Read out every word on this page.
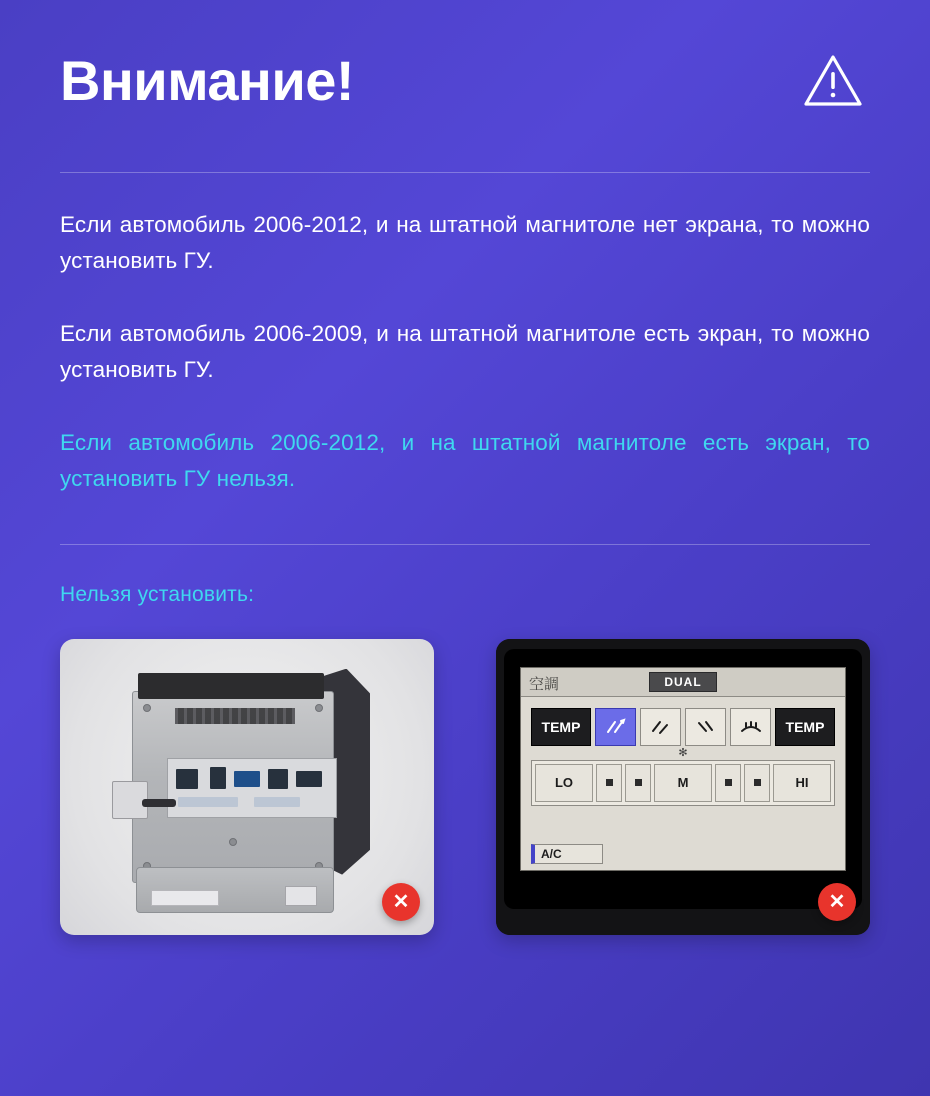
Внимание!

Если автомобиль 2006-2012, и на штатной магнитоле нет экрана, то можно установить ГУ.

Если автомобиль 2006-2009, и на штатной магнитоле есть экран, то можно установить ГУ.

Если автомобиль 2006-2012, и на штатной магнитоле есть экран, то установить ГУ нельзя.

Нельзя установить:
✕
空調	DUAL
TEMP	TEMP
✻
LO	M	HI
A/C
✕
